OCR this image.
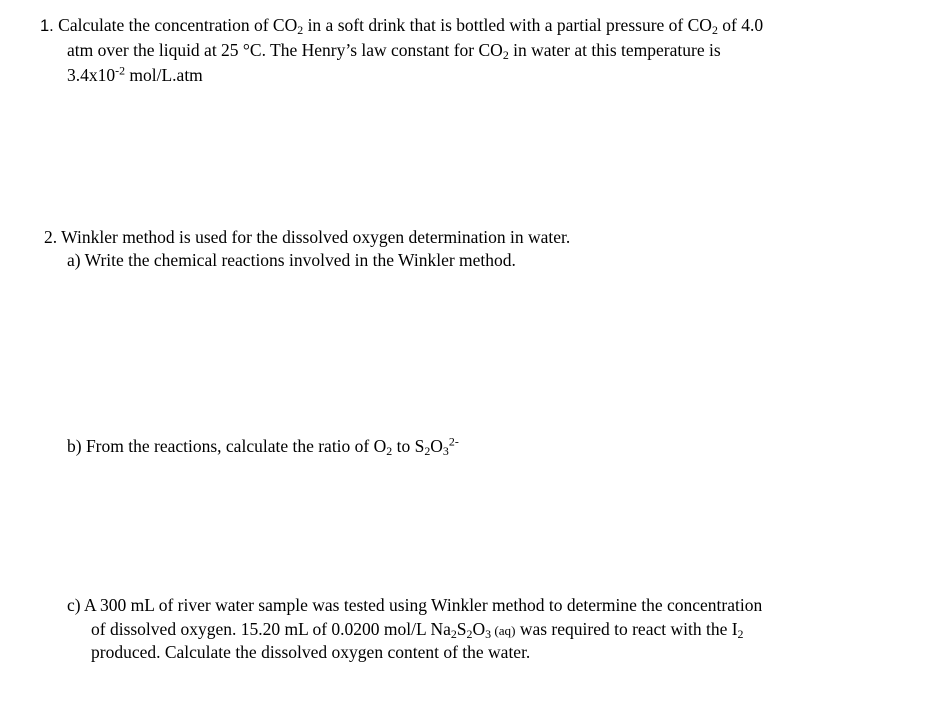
1. Calculate the concentration of $CO_2$ in a soft drink that is bottled with a partial pressure of $CO_2$ of 4.0
atm over the liquid at 25 °C. The Henry’s law constant for $CO_2$ in water at this temperature is
$3.4x10^{-2}$ mol/L.atm
2. Winkler method is used for the dissolved oxygen determination in water.
a) Write the chemical reactions involved in the Winkler method.
b) From the reactions, calculate the ratio of $O_2$ to $S_2O_3^{2-}$
c) A 300 mL of river water sample was tested using Winkler method to determine the concentration
of dissolved oxygen. 15.20 mL of 0.0200 mol/L $Na_2S_2O_3$ (aq) was required to react with the $I_2$
produced. Calculate the dissolved oxygen content of the water.
